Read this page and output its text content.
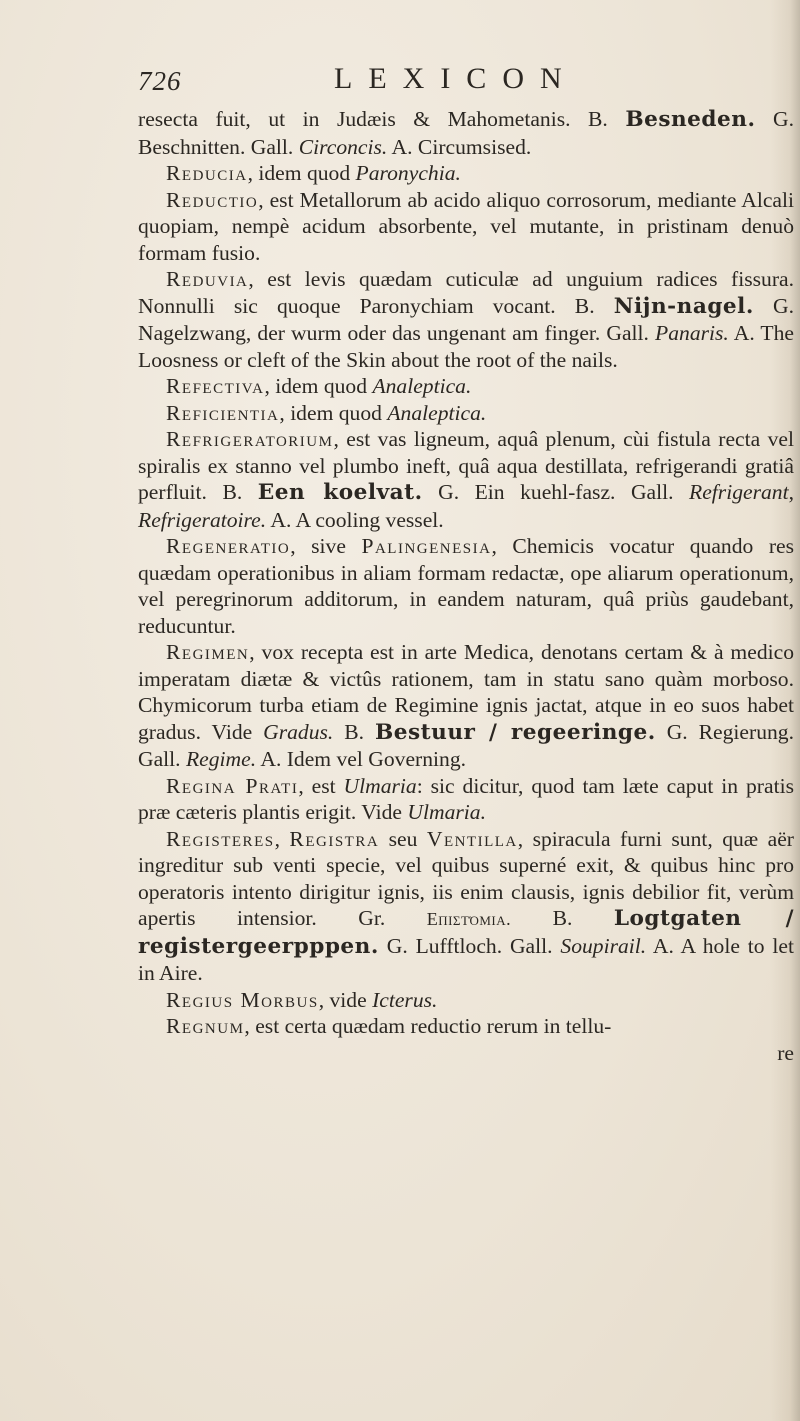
726	LEXICON

resecta fuit, ut in Judæis & Mahometanis. B. Besneden. G. Beschnitten. Gall. Circoncis. A. Circumsised.

Reducia, idem quod Paronychia.

Reductio, est Metallorum ab acido aliquo corrosorum, mediante Alcali quopiam, nempè acidum absorbente, vel mutante, in pristinam denuò formam fusio.

Reduvia, est levis quædam cuticulæ ad unguium radices fissura. Nonnulli sic quoque Paronychiam vocant. B. Nijn-nagel. G. Nagelzwang, der wurm oder das ungenant am finger. Gall. Panaris. A. The Loosness or cleft of the Skin about the root of the nails.

Refectiva, idem quod Analeptica.

Reficientia, idem quod Analeptica.

Refrigeratorium, est vas ligneum, aquâ plenum, cùi fistula recta vel spiralis ex stanno vel plumbo ineft, quâ aqua destillata, refrigerandi gratiâ perfluit. B. Een koelvat. G. Ein kuehl-fasz. Gall. Refrigerant, Refrigeratoire. A. A cooling vessel.

Regeneratio, sive Palingenesia, Chemicis vocatur quando res quædam operationibus in aliam formam redactæ, ope aliarum operationum, vel peregrinorum additorum, in eandem naturam, quâ priùs gaudebant, reducuntur.

Regimen, vox recepta est in arte Medica, denotans certam & à medico imperatam diætæ & victûs rationem, tam in statu sano quàm morboso. Chymicorum turba etiam de Regimine ignis jactat, atque in eo suos habet gradus. Vide Gradus. B. Bestuur / regeeringe. G. Regierung. Gall. Regime. A. Idem vel Governing.

Regina Prati, est Ulmaria: sic dicitur, quod tam læte caput in pratis præ cæteris plantis erigit. Vide Ulmaria.

Registeres, Registra seu Ventilla, spiracula furni sunt, quæ aër ingreditur sub venti specie, vel quibus superné exit, & quibus hinc pro operatoris intento dirigitur ignis, iis enim clausis, ignis debilior fit, verùm apertis intensior. Gr. Επιστόμια. B. Logtgaten / registergeerpppen. G. Lufftloch. Gall. Soupirail. A. A hole to let in Aire.

Regius Morbus, vide Icterus.

Regnum, est certa quædam reductio rerum in tellu-

re
